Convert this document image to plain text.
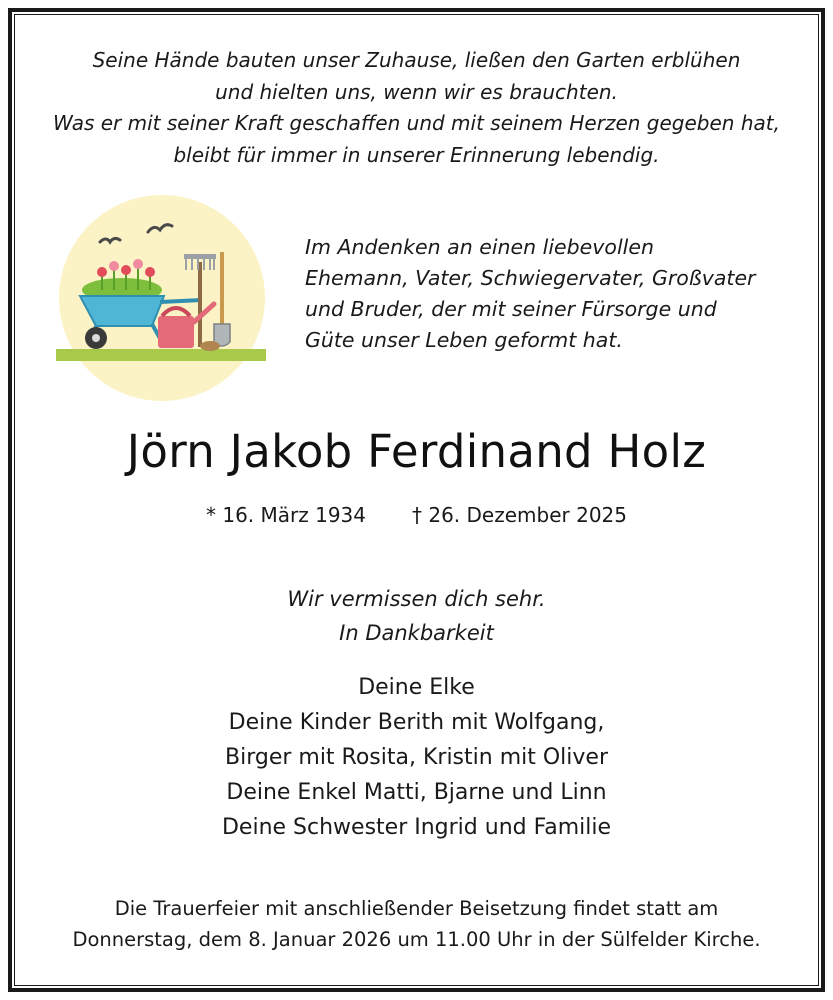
Seine Hände bauten unser Zuhause, ließen den Garten erblühen
und hielten uns, wenn wir es brauchten.
Was er mit seiner Kraft geschaffen und mit seinem Herzen gegeben hat,
bleibt für immer in unserer Erinnerung lebendig.
Im Andenken an einen liebevollen
Ehemann, Vater, Schwiegervater, Großvater
und Bruder, der mit seiner Fürsorge und
Güte unser Leben geformt hat.
Jörn Jakob Ferdinand Holz
* 16. März 1934 † 26. Dezember 2025
Wir vermissen dich sehr.
In Dankbarkeit
Deine Elke
Deine Kinder Berith mit Wolfgang,
Birger mit Rosita, Kristin mit Oliver
Deine Enkel Matti, Bjarne und Linn
Deine Schwester Ingrid und Familie
Die Trauerfeier mit anschließender Beisetzung findet statt am
Donnerstag, dem 8. Januar 2026 um 11.00 Uhr in der Sülfelder Kirche.
